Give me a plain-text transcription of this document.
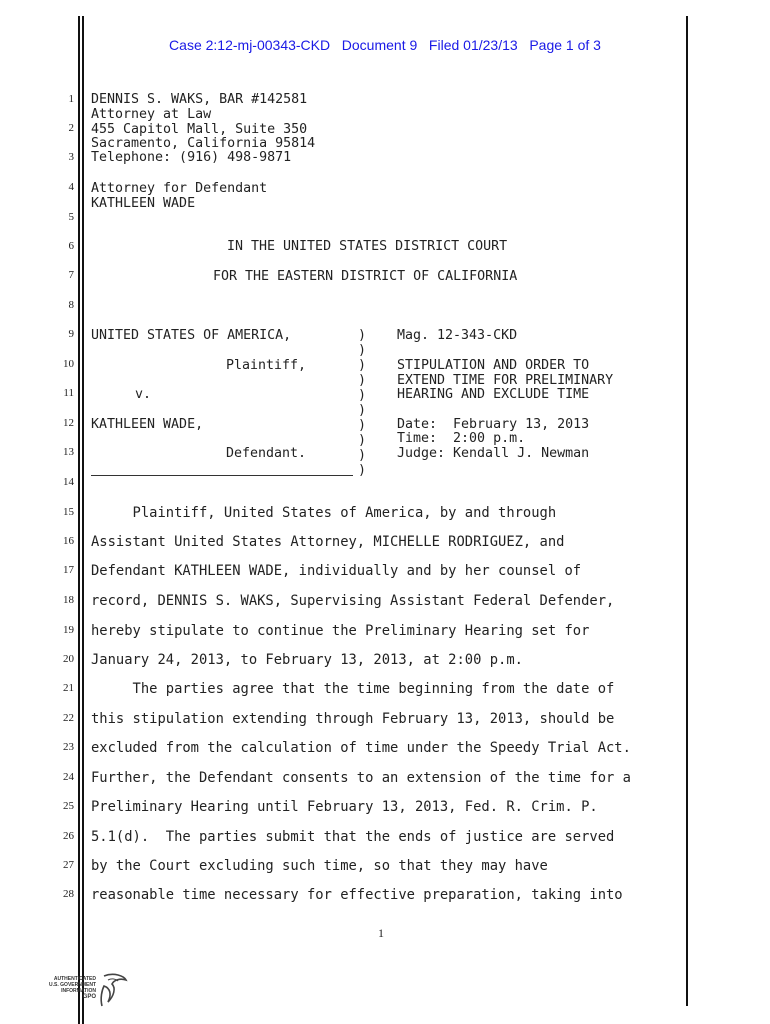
Case 2:12-mj-00343-CKD   Document 9   Filed 01/23/13   Page 1 of 3
1
2
3
4
5
6
7
8
9
10
11
12
13
14
15
16
17
18
19
20
21
22
23
24
25
26
27
28
DENNIS S. WAKS, BAR #142581
Attorney at Law
455 Capitol Mall, Suite 350
Sacramento, California 95814
Telephone: (916) 498-9871
Attorney for Defendant
KATHLEEN WADE
IN THE UNITED STATES DISTRICT COURT
FOR THE EASTERN DISTRICT OF CALIFORNIA
UNITED STATES OF AMERICA,
Plaintiff,
v.
KATHLEEN WADE,
Defendant.
)
)
)
)
)
)
)
)
)
)
Mag. 12-343-CKD
STIPULATION AND ORDER TO
EXTEND TIME FOR PRELIMINARY
HEARING AND EXCLUDE TIME
Date:  February 13, 2013
Time:  2:00 p.m.
Judge: Kendall J. Newman
Plaintiff, United States of America, by and through
Assistant United States Attorney, MICHELLE RODRIGUEZ, and
Defendant KATHLEEN WADE, individually and by her counsel of
record, DENNIS S. WAKS, Supervising Assistant Federal Defender,
hereby stipulate to continue the Preliminary Hearing set for
January 24, 2013, to February 13, 2013, at 2:00 p.m.
The parties agree that the time beginning from the date of
this stipulation extending through February 13, 2013, should be
excluded from the calculation of time under the Speedy Trial Act.
Further, the Defendant consents to an extension of the time for a
Preliminary Hearing until February 13, 2013, Fed. R. Crim. P.
5.1(d).  The parties submit that the ends of justice are served
by the Court excluding such time, so that they may have
reasonable time necessary for effective preparation, taking into
1
AUTHENTICATED
U.S. GOVERNMENT
INFORMATION
GPO
